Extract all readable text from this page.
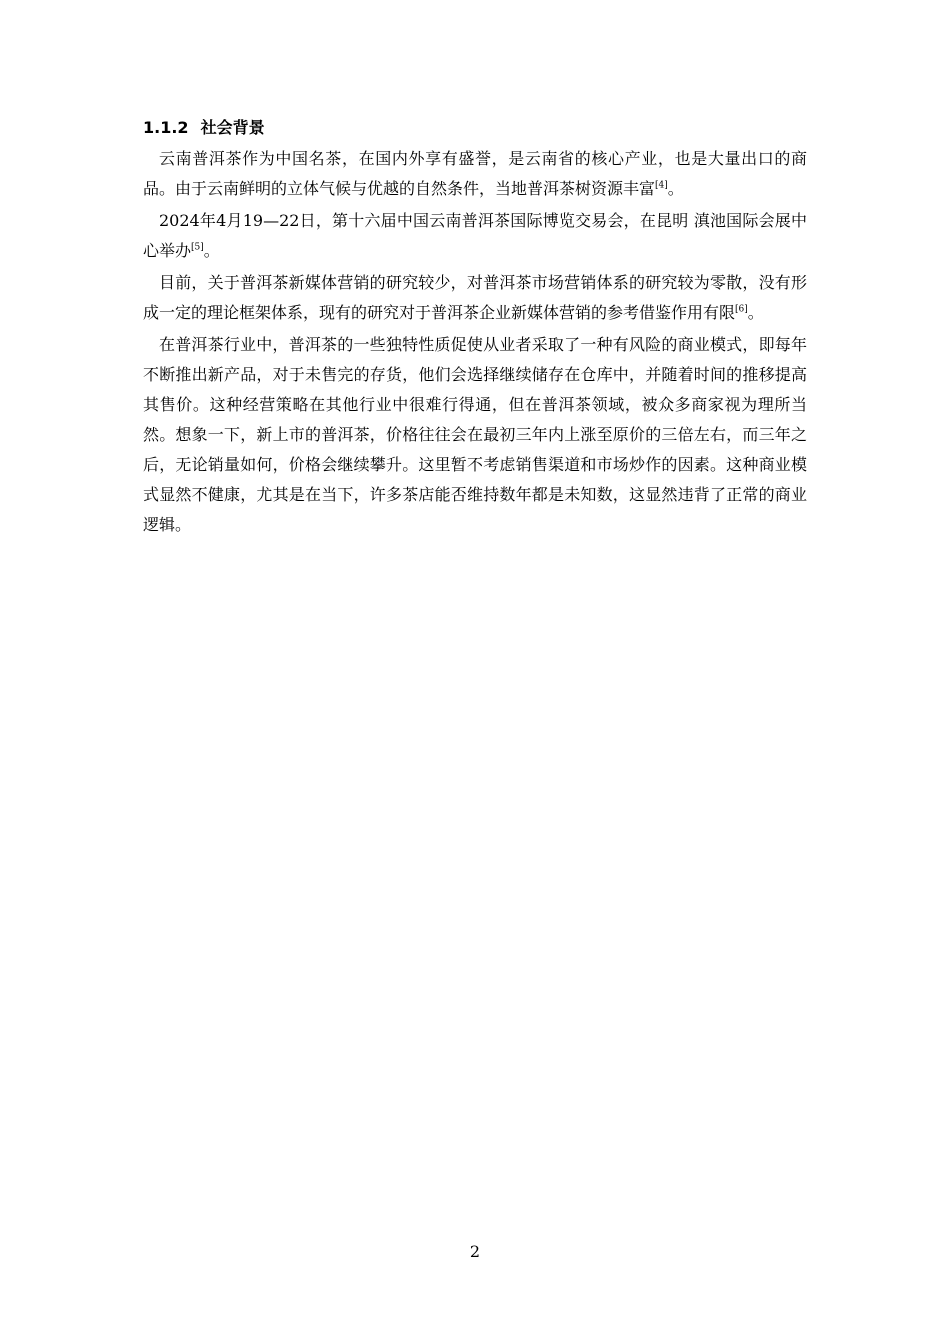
1.1.2 社会背景

云南普洱茶作为中国名茶，在国内外享有盛誉，是云南省的核心产业，也是大量出口的商品。由于云南鲜明的立体气候与优越的自然条件，当地普洱茶树资源丰富[4]。

2024年4月19—22日，第十六届中国云南普洱茶国际博览交易会，在昆明 滇池国际会展中心举办[5]。

目前，关于普洱茶新媒体营销的研究较少，对普洱茶市场营销体系的研究较为零散，没有形成一定的理论框架体系，现有的研究对于普洱茶企业新媒体营销的参考借鉴作用有限[6]。

在普洱茶行业中，普洱茶的一些独特性质促使从业者采取了一种有风险的商业模式，即每年不断推出新产品，对于未售完的存货，他们会选择继续储存在仓库中，并随着时间的推移提高其售价。这种经营策略在其他行业中很难行得通，但在普洱茶领域，被众多商家视为理所当然。想象一下，新上市的普洱茶，价格往往会在最初三年内上涨至原价的三倍左右，而三年之后，无论销量如何，价格会继续攀升。这里暂不考虑销售渠道和市场炒作的因素。这种商业模式显然不健康，尤其是在当下，许多茶店能否维持数年都是未知数，这显然违背了正常的商业逻辑。

2
